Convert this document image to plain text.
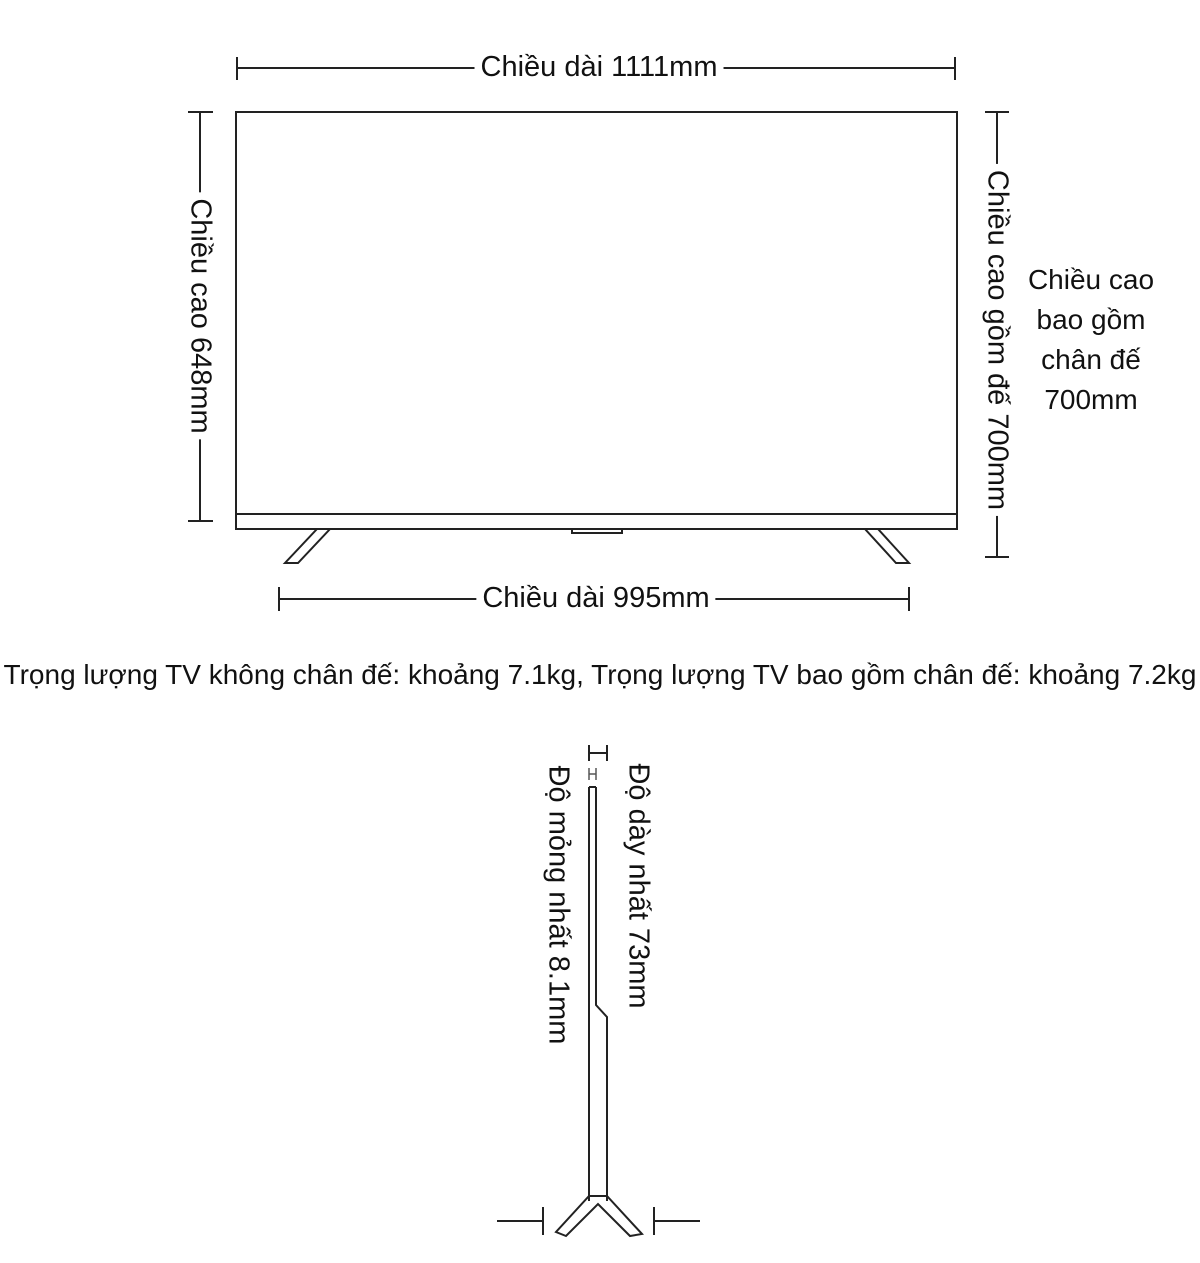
Chiều dài 1111mm
Chiều cao 648mm	Chiều cao gồm đế 700mm Chiều cao
bao gồm
chân đế
700mm
Chiều dài 995mm
Trọng lượng TV không chân đế: khoảng 7.1kg, Trọng lượng TV bao gồm chân đế: khoảng 7.2kg
Độ mỏng nhất 8.1mm Độ dày nhất 73mm
